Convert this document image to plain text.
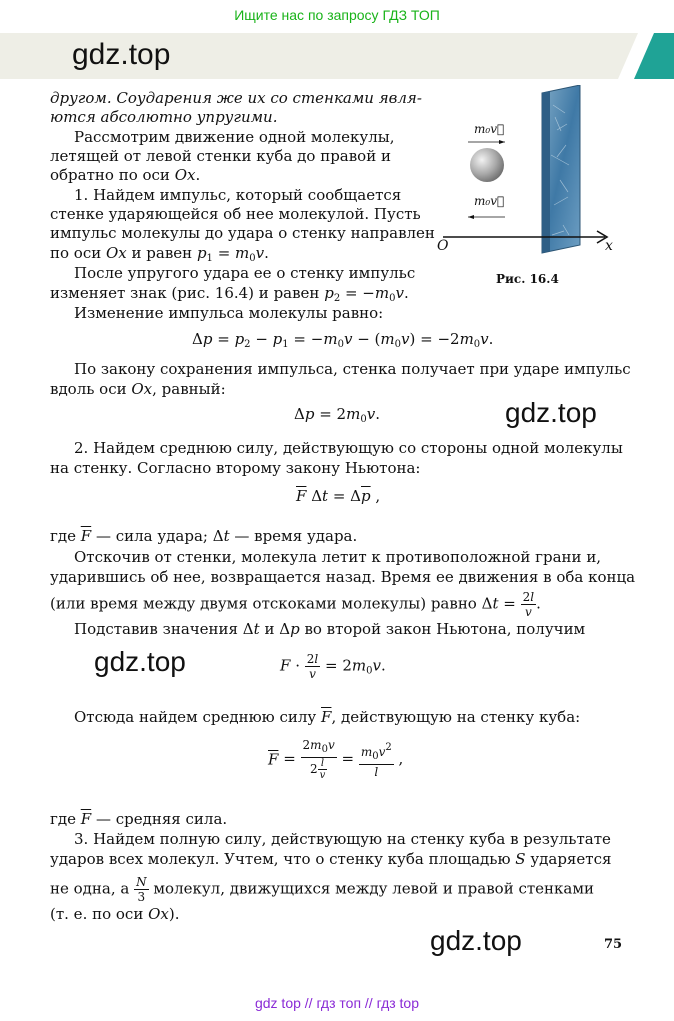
Ищите нас по запросу ГДЗ ТОП
gdz.top
m₀v⃗
m₀v⃗
O	x
Рис. 16.4
другом. Соударения же их со стенками явля-
ются абсолютно упругими.
Рассмотрим движение одной молекулы,
летящей от левой стенки куба до правой и
обратно по оси Ox.
1. Найдем импульс, который сообщается
стенке ударяющейся об нее молекулой. Пусть
импульс молекулы до удара о стенку направлен
по оси Ox и равен $p_1 = m_0v$.
После упругого удара ее о стенку импульс
изменяет знак (рис. 16.4) и равен $p_2 = -m_0v$.
Изменение импульса молекулы равно:
$\Delta p = p_2 - p_1 = -m_0v - (m_0v) = -2m_0v$.
По закону сохранения импульса, стенка получает при ударе импульс
вдоль оси Ox, равный:
$\Delta p = 2m_0v$.	gdz.top
2. Найдем среднюю силу, действующую со стороны одной молекулы
на стенку. Согласно второму закону Ньютона:
$\overline{F}$ $\Delta t = \Delta\overline{p}$ ,
где $\overline{F}$ — сила удара; Δt — время удара.
Отскочив от стенки, молекула летит к противоположной грани и,
ударившись об нее, возвращается назад. Время ее движения в оба конца
(или время между двумя отскоками молекулы) равно $\Delta t = \frac{2l}{v}$ .
Подставив значения Δt и Δp во второй закон Ньютона, получим
gdz.top	$F \cdot \frac{2l}{v} = 2m_0v$.
Отсюда найдем среднюю силу $\overline{F}$, действующую на стенку куба:
$\overline{F} = \frac{2m_0v}{2 \frac{l}{v}} = \frac{m_0v^2}{l}$ ,
где $\overline{F}$ — средняя сила.
3. Найдем полную силу, действующую на стенку куба в результате
ударов всех молекул. Учтем, что о стенку куба площадью S ударяется
не одна, а $\frac{N}{3}$ молекул, движущихся между левой и правой стенками
(т. е. по оси Ox).
gdz.top	75
gdz top // гдз топ // гдз top
